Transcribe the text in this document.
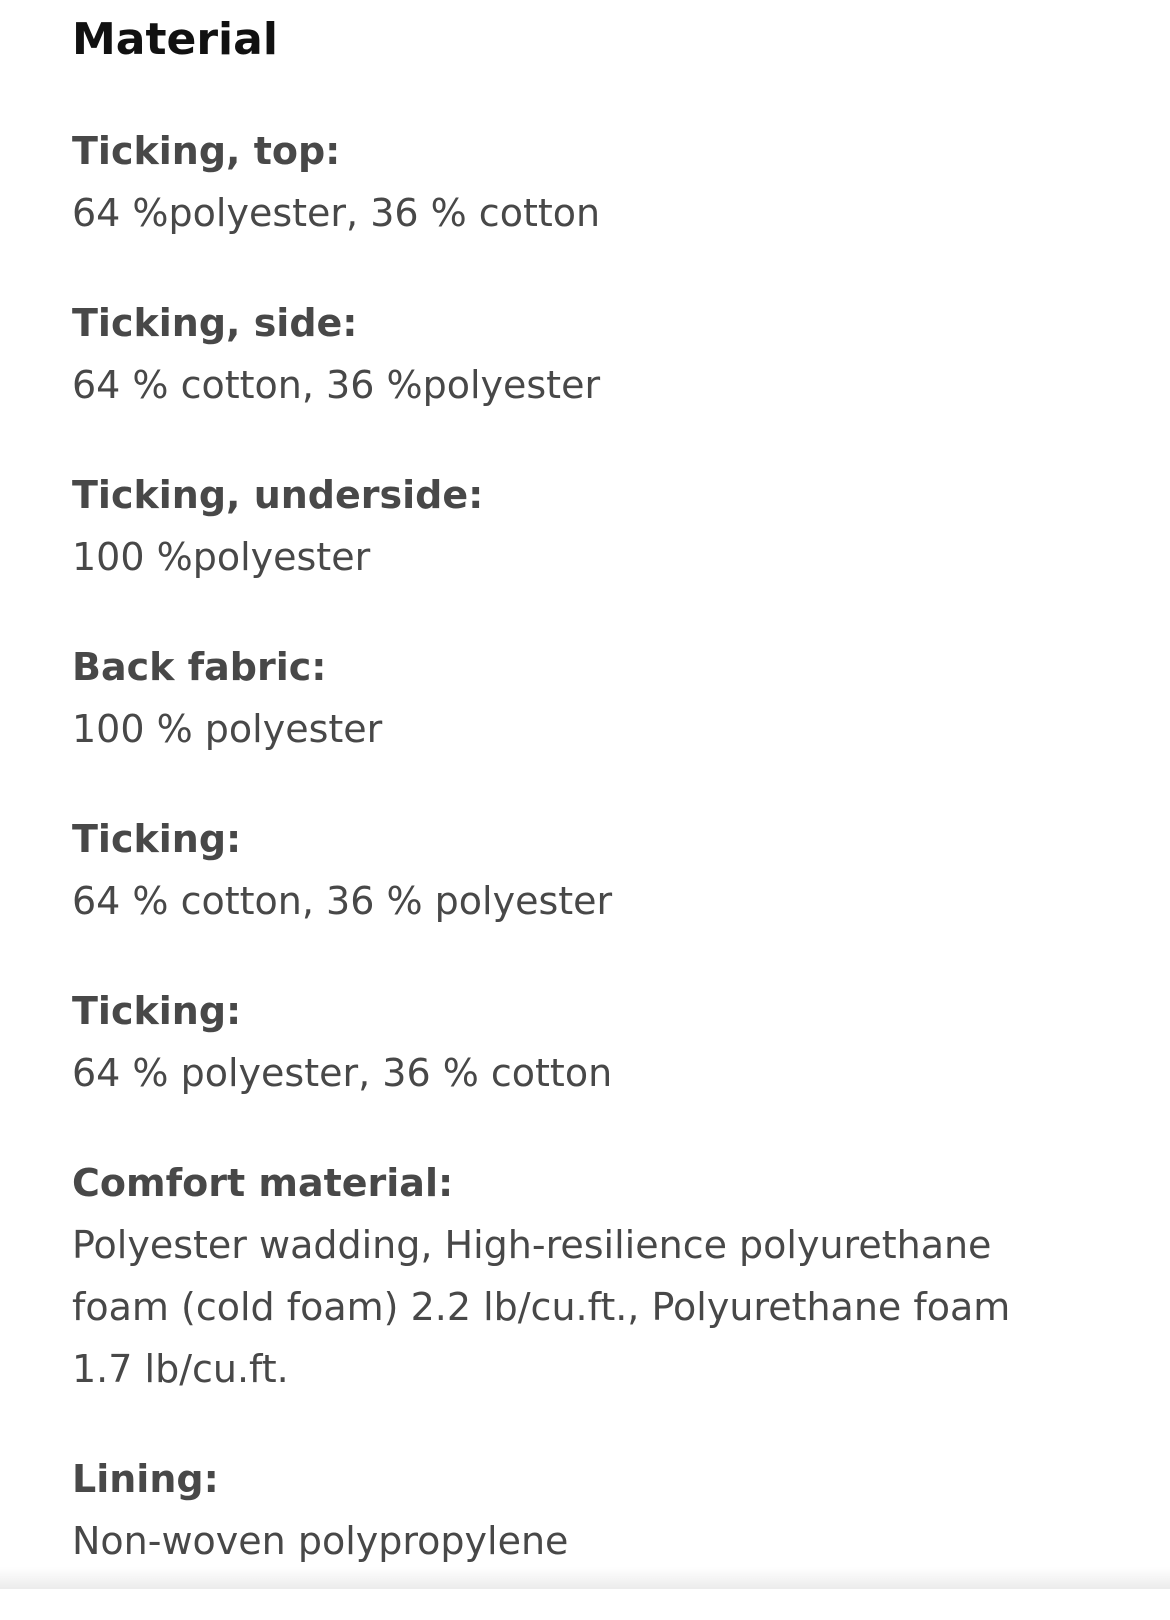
Material
Ticking, top:
64 %polyester, 36 % cotton
Ticking, side:
64 % cotton, 36 %polyester
Ticking, underside:
100 %polyester
Back fabric:
100 % polyester
Ticking:
64 % cotton, 36 % polyester
Ticking:
64 % polyester, 36 % cotton
Comfort material:
Polyester wadding, High-resilience polyurethane foam (cold foam) 2.2 lb/cu.ft., Polyurethane foam 1.7 lb/cu.ft.
Lining:
Non-woven polypropylene
